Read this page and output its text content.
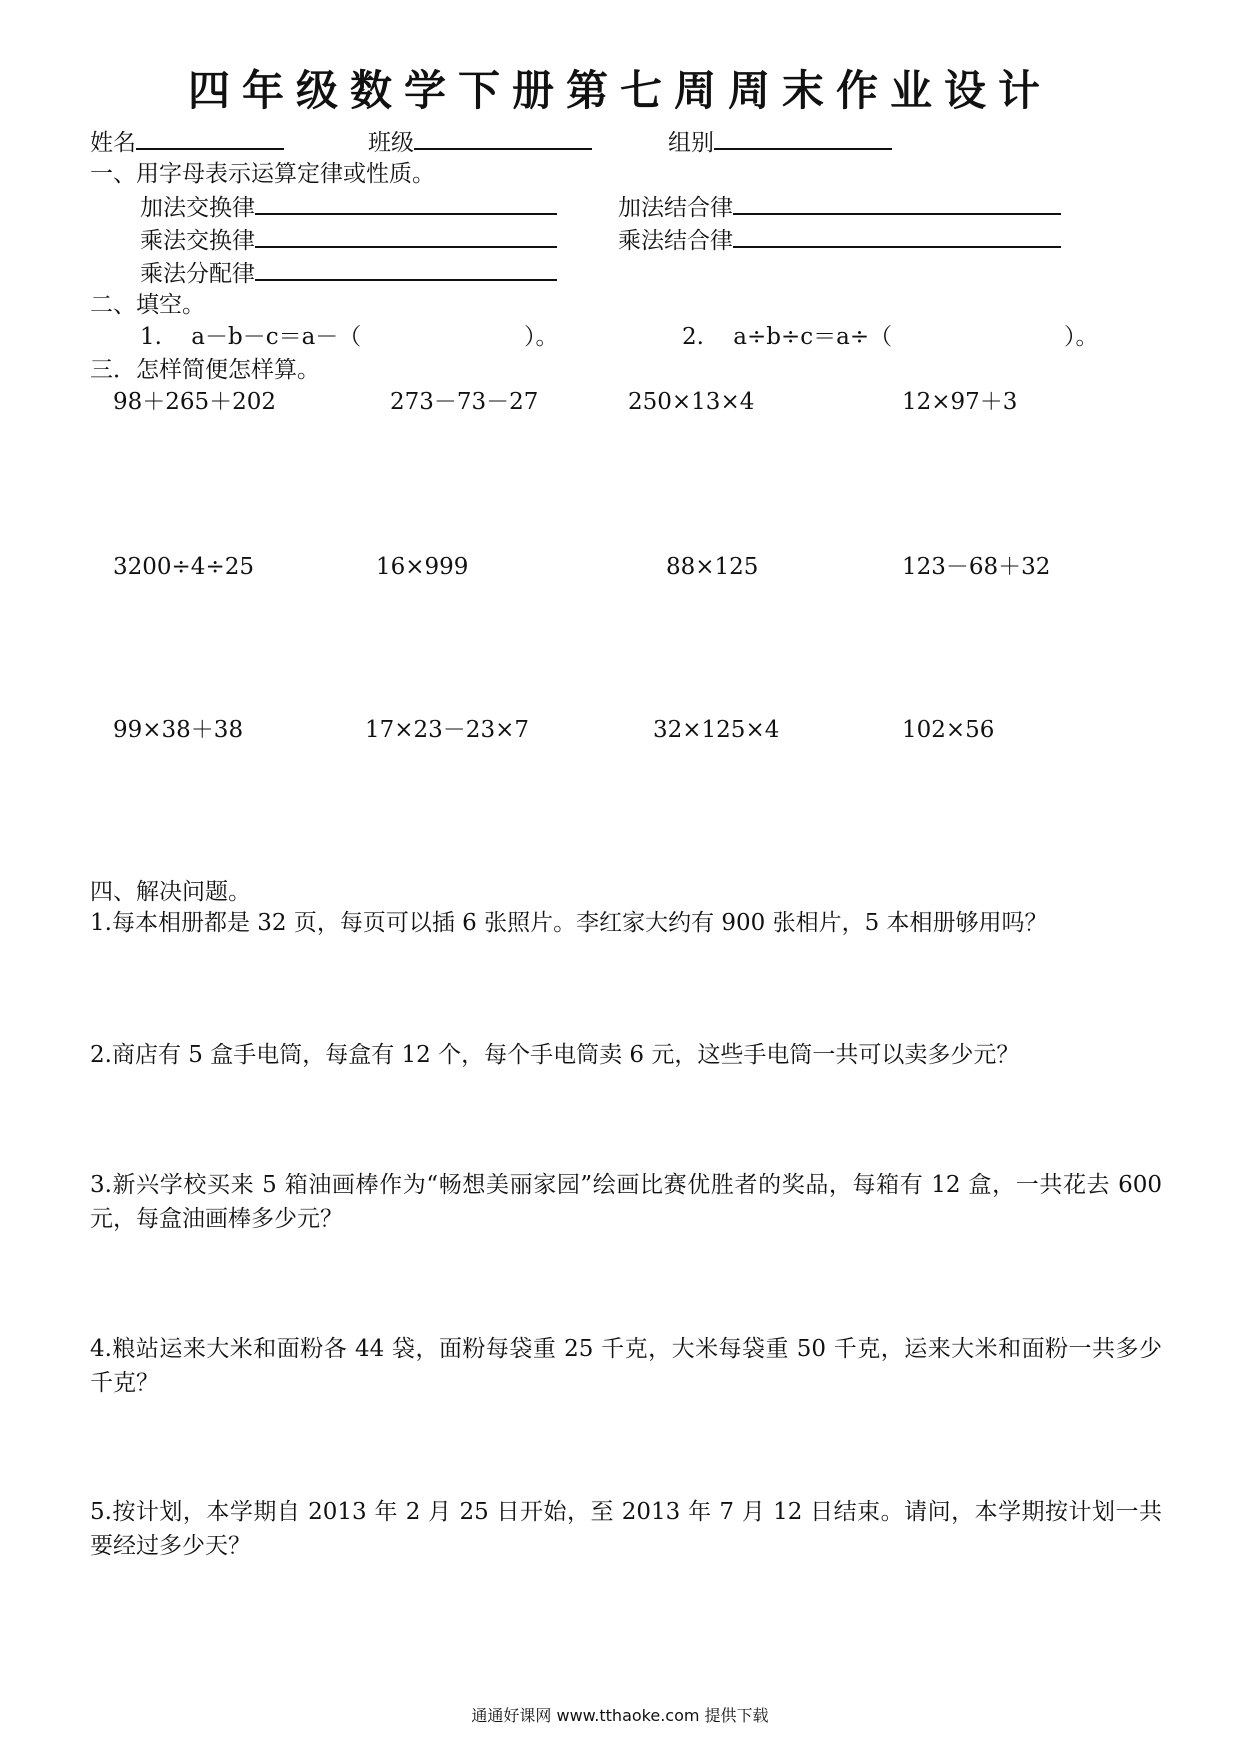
四年级数学下册第七周周末作业设计
姓名	班级	组别
一、用字母表示运算定律或性质。
加法交换律	加法结合律
乘法交换律	乘法结合律
乘法分配律
二、填空。
1. a－b－c＝a－（	）。	2. a÷b÷c＝a÷（	）。
三．怎样简便怎样算。
98＋265＋202	273－73－27	250×13×4	12×97＋3
3200÷4÷25	16×999	88×125	123－68＋32
99×38＋38	17×23－23×7	32×125×4	102×56
四、解决问题。
1.每本相册都是 32 页，每页可以插 6 张照片。李红家大约有 900 张相片，5 本相册够用吗？
2.商店有 5 盒手电筒，每盒有 12 个，每个手电筒卖 6 元，这些手电筒一共可以卖多少元？
3.新兴学校买来 5 箱油画棒作为“畅想美丽家园”绘画比赛优胜者的奖品，每箱有 12 盒，一共花去 600 元，每盒油画棒多少元？
4.粮站运来大米和面粉各 44 袋，面粉每袋重 25 千克，大米每袋重 50 千克，运来大米和面粉一共多少千克？
5.按计划，本学期自 2013 年 2 月 25 日开始，至 2013 年 7 月 12 日结束。请问，本学期按计划一共要经过多少天？
通通好课网 www.tthaoke.com 提供下载
